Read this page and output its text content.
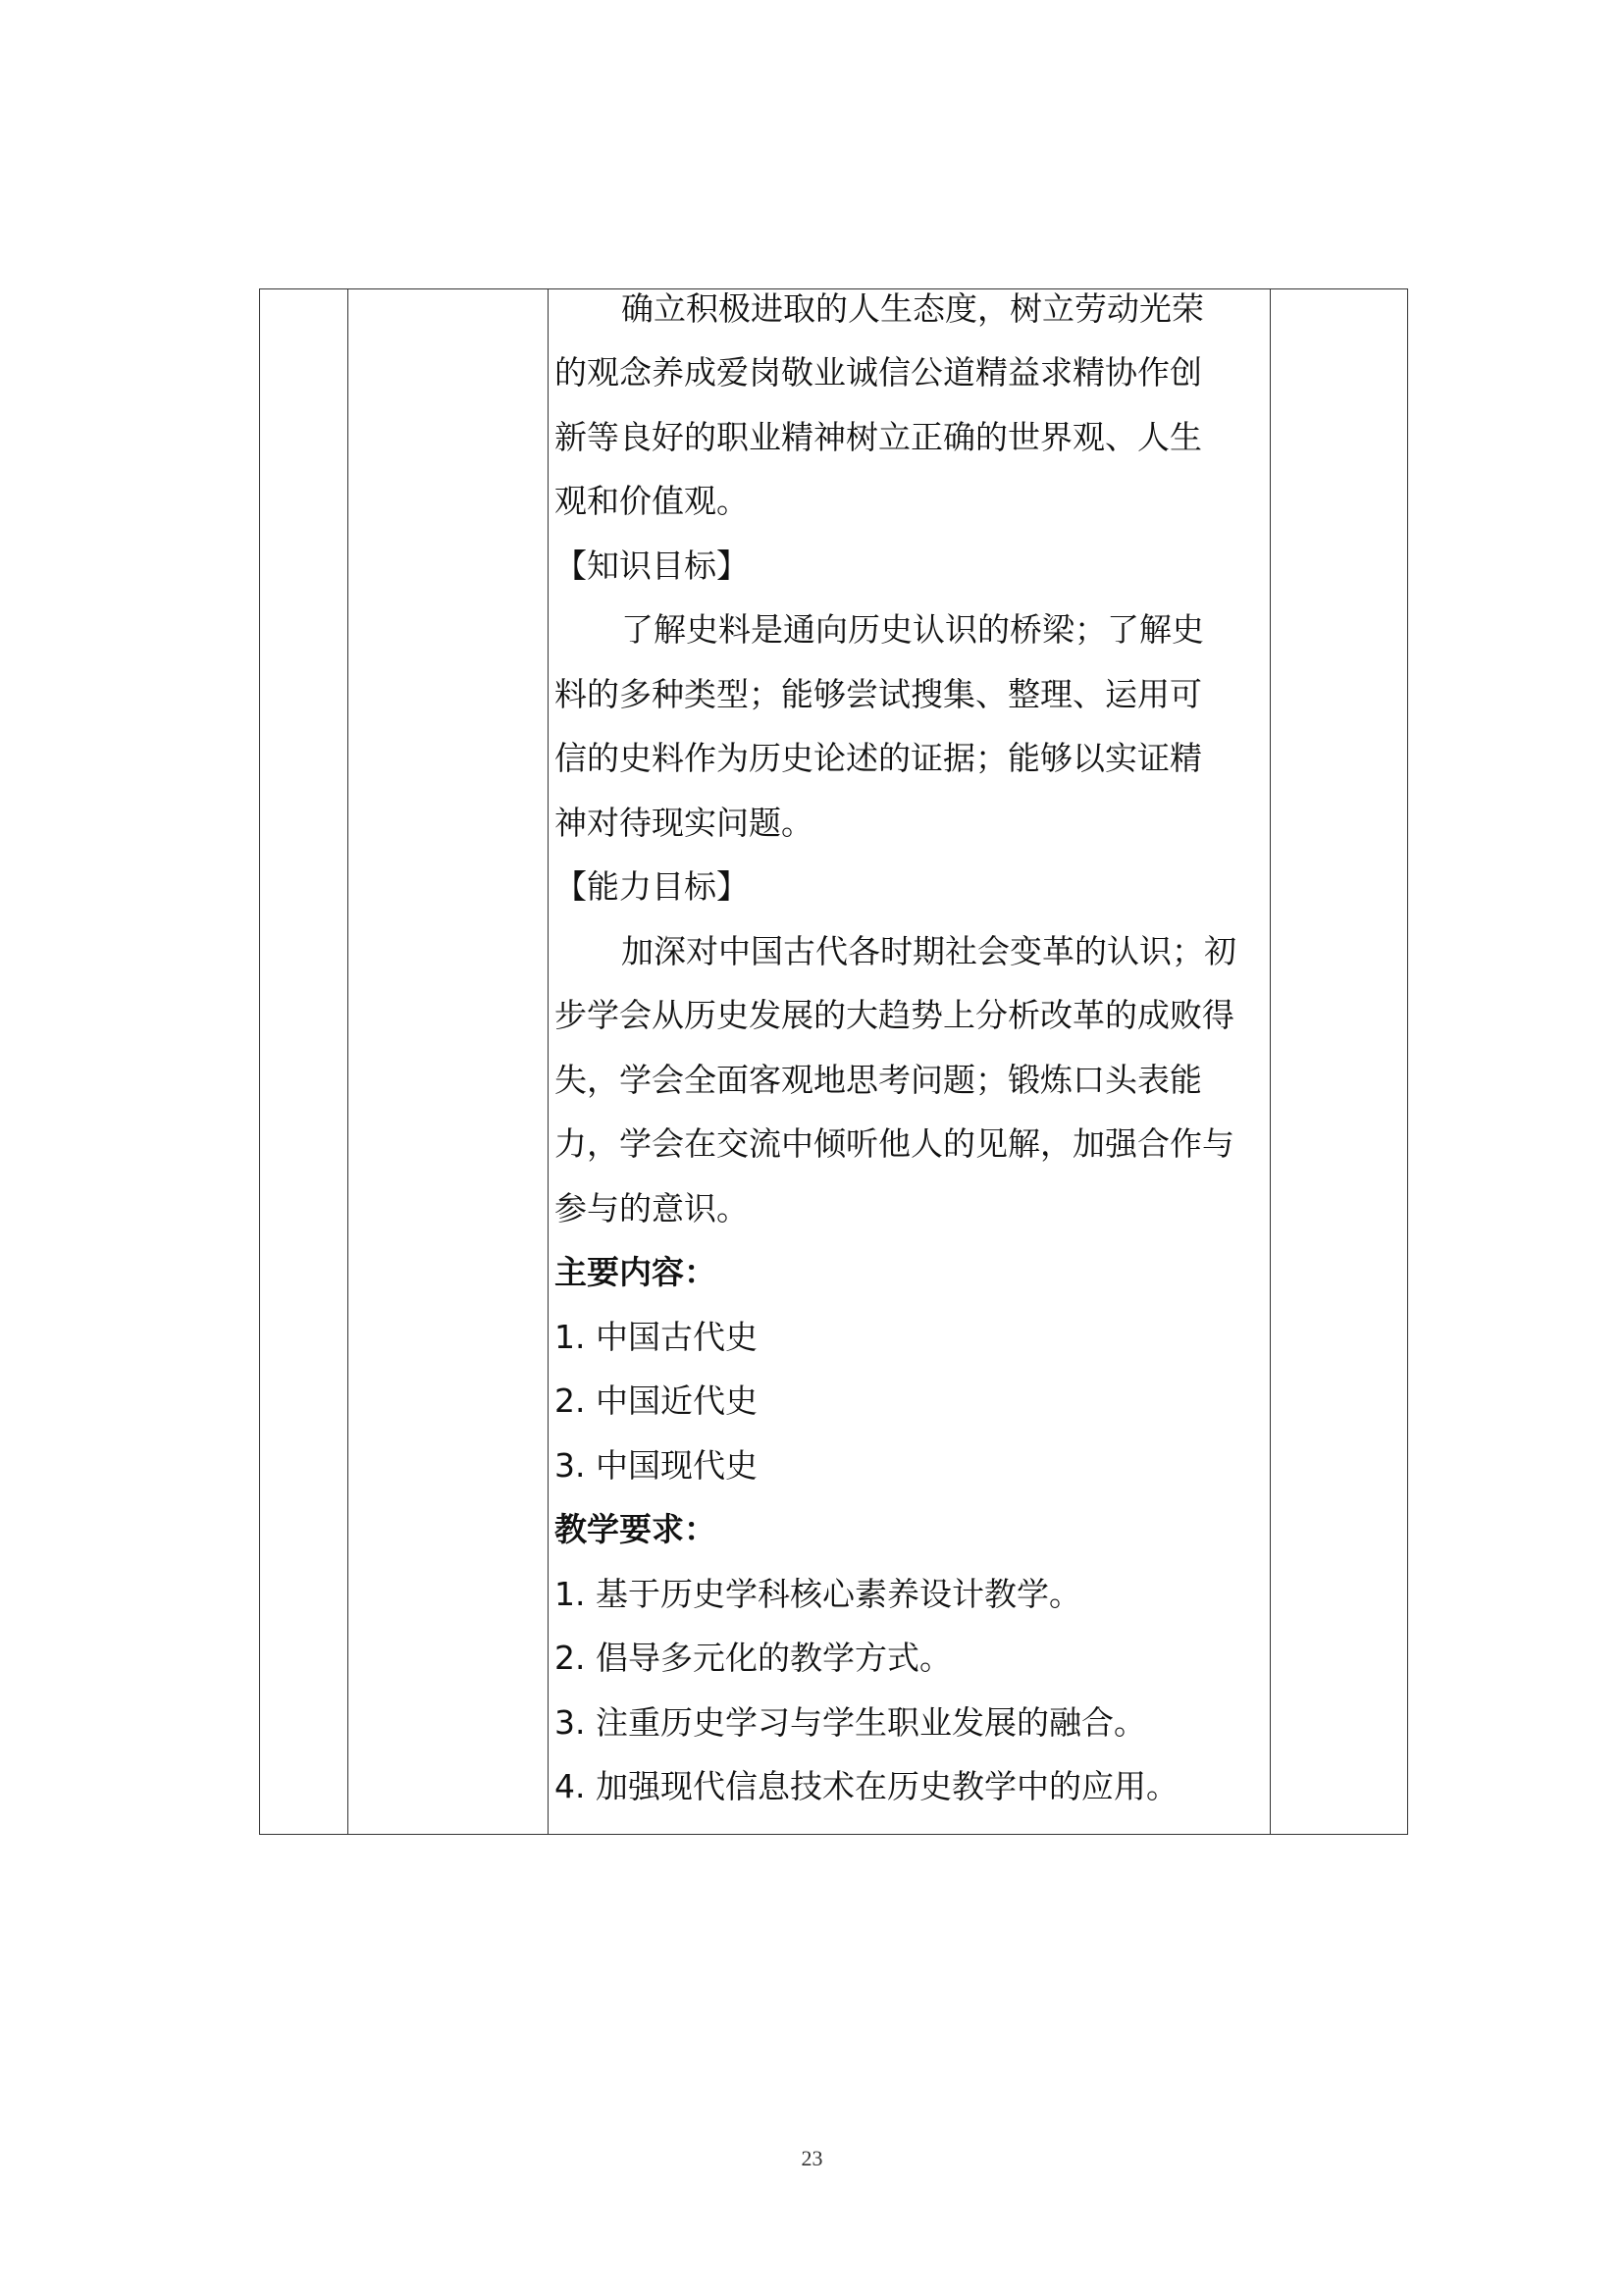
确立积极进取的人生态度，树立劳动光荣
的观念养成爱岗敬业诚信公道精益求精协作创
新等良好的职业精神树立正确的世界观、人生
观和价值观。
【知识目标】
了解史料是通向历史认识的桥梁；了解史
料的多种类型；能够尝试搜集、整理、运用可
信的史料作为历史论述的证据；能够以实证精
神对待现实问题。
【能力目标】
加深对中国古代各时期社会变革的认识；初
步学会从历史发展的大趋势上分析改革的成败得
失，学会全面客观地思考问题；锻炼口头表能
力，学会在交流中倾听他人的见解，加强合作与
参与的意识。
主要内容：
1. 中国古代史
2. 中国近代史
3. 中国现代史
教学要求：
1. 基于历史学科核心素养设计教学。
2. 倡导多元化的教学方式。
3. 注重历史学习与学生职业发展的融合。
4. 加强现代信息技术在历史教学中的应用。

23
